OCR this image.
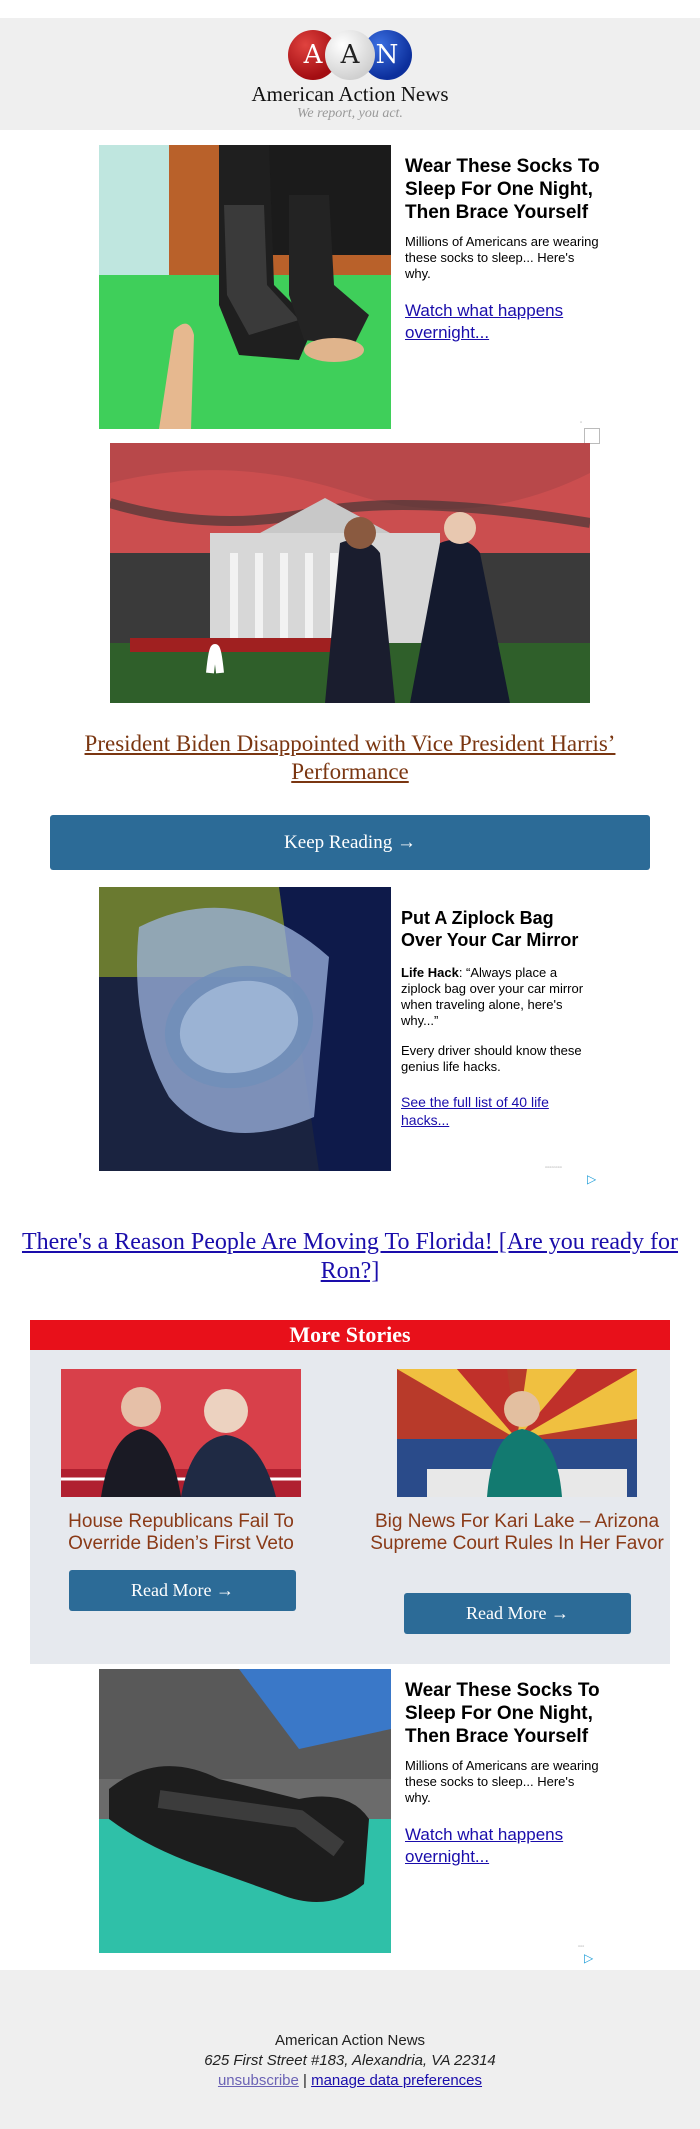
A A N
American Action News
We report, you act.
Wear These Socks To Sleep For One Night, Then Brace Yourself
Millions of Americans are wearing these socks to sleep... Here's why.
Watch what happens overnight...
▫
President Biden Disappointed with Vice President Harris’ Performance
Keep Reading →
Put A Ziplock Bag Over Your Car Mirror
Life Hack: “Always place a ziplock bag over your car mirror when traveling alone, here's why...”
Every driver should know these genius life hacks.
See the full list of 40 life hacks...
▫▫▫▫▫▫▫▫
▷
There's a Reason People Are Moving To Florida! [Are you ready for Ron?]
More Stories
House Republicans Fail To Override Biden’s First Veto
Read More →
Big News For Kari Lake – Arizona Supreme Court Rules In Her Favor
Read More →
Wear These Socks To Sleep For One Night, Then Brace Yourself
Millions of Americans are wearing these socks to sleep... Here's why.
Watch what happens overnight...
▫▫▫
▷
American Action News
625 First Street #183, Alexandria, VA 22314
unsubscribe | manage data preferences
